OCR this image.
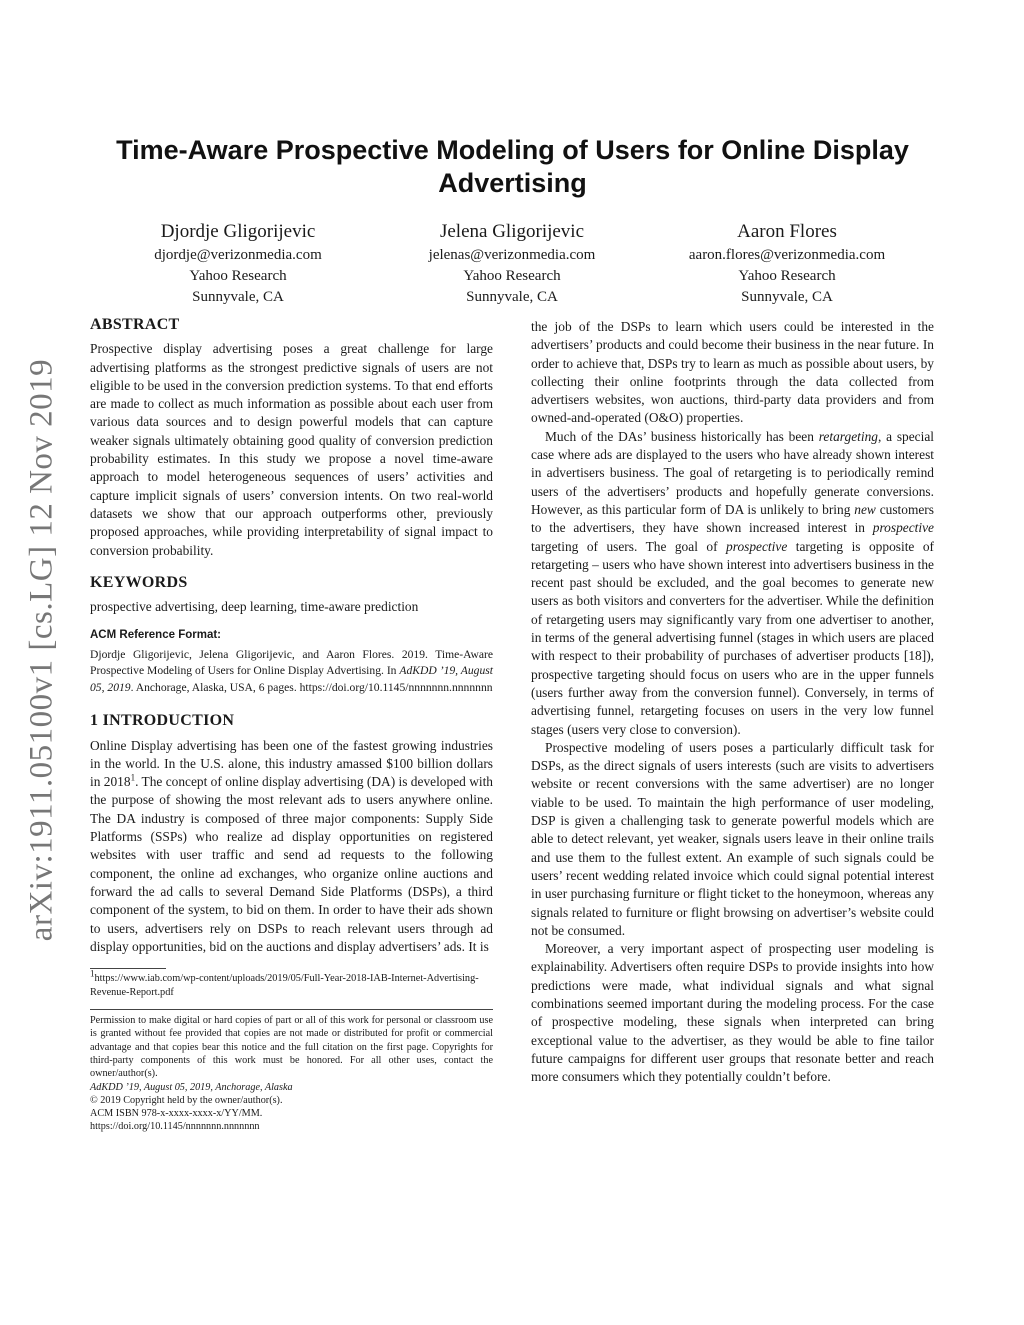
arXiv:1911.05100v1 [cs.LG] 12 Nov 2019
Time-Aware Prospective Modeling of Users for Online Display
Advertising
Djordje Gligorijevic
djordje@verizonmedia.com
Yahoo Research
Sunnyvale, CA
Jelena Gligorijevic
jelenas@verizonmedia.com
Yahoo Research
Sunnyvale, CA
Aaron Flores
aaron.flores@verizonmedia.com
Yahoo Research
Sunnyvale, CA
ABSTRACT

Prospective display advertising poses a great challenge for large advertising platforms as the strongest predictive signals of users are not eligible to be used in the conversion prediction systems. To that end efforts are made to collect as much information as possible about each user from various data sources and to design powerful models that can capture weaker signals ultimately obtaining good quality of conversion prediction probability estimates. In this study we propose a novel time-aware approach to model heterogeneous sequences of users’ activities and capture implicit signals of users’ conversion intents. On two real-world datasets we show that our approach outperforms other, previously proposed approaches, while providing interpretability of signal impact to conversion probability.

KEYWORDS

prospective advertising, deep learning, time-aware prediction

ACM Reference Format:

Djordje Gligorijevic, Jelena Gligorijevic, and Aaron Flores. 2019. Time-Aware Prospective Modeling of Users for Online Display Advertising. In AdKDD ’19, August 05, 2019. Anchorage, Alaska, USA, 6 pages. https://doi.org/10.1145/nnnnnnn.nnnnnnn

1 INTRODUCTION

Online Display advertising has been one of the fastest growing industries in the world. In the U.S. alone, this industry amassed $100 billion dollars in 2018$^1$. The concept of online display advertising (DA) is developed with the purpose of showing the most relevant ads to users anywhere online. The DA industry is composed of three major components: Supply Side Platforms (SSPs) who realize ad display opportunities on registered websites with user traffic and send ad requests to the following component, the online ad exchanges, who organize online auctions and forward the ad calls to several Demand Side Platforms (DSPs), a third component of the system, to bid on them. In order to have their ads shown to users, advertisers rely on DSPs to reach relevant users through ad display opportunities, bid on the auctions and display advertisers’ ads. It is

$^1$https://www.iab.com/wp-content/uploads/2019/05/Full-Year-2018-IAB-Internet-Advertising-Revenue-Report.pdf

Permission to make digital or hard copies of part or all of this work for personal or classroom use is granted without fee provided that copies are not made or distributed for profit or commercial advantage and that copies bear this notice and the full citation on the first page. Copyrights for third-party components of this work must be honored. For all other uses, contact the owner/author(s).

AdKDD ’19, August 05, 2019, Anchorage, Alaska

© 2019 Copyright held by the owner/author(s).

ACM ISBN 978-x-xxxx-xxxx-x/YY/MM.

https://doi.org/10.1145/nnnnnnn.nnnnnnn

the job of the DSPs to learn which users could be interested in the advertisers’ products and could become their business in the near future. In order to achieve that, DSPs try to learn as much as possible about users, by collecting their online footprints through the data collected from advertisers websites, won auctions, third-party data providers and from owned-and-operated (O&O) properties.

Much of the DAs’ business historically has been retargeting, a special case where ads are displayed to the users who have already shown interest in advertisers business. The goal of retargeting is to periodically remind users of the advertisers’ products and hopefully generate conversions. However, as this particular form of DA is unlikely to bring new customers to the advertisers, they have shown increased interest in prospective targeting of users. The goal of prospective targeting is opposite of retargeting – users who have shown interest into advertisers business in the recent past should be excluded, and the goal becomes to generate new users as both visitors and converters for the advertiser. While the definition of retargeting users may significantly vary from one advertiser to another, in terms of the general advertising funnel (stages in which users are placed with respect to their probability of purchases of advertiser products [18]), prospective targeting should focus on users who are in the upper funnels (users further away from the conversion funnel). Conversely, in terms of advertising funnel, retargeting focuses on users in the very low funnel stages (users very close to conversion).

Prospective modeling of users poses a particularly difficult task for DSPs, as the direct signals of users interests (such are visits to advertisers website or recent conversions with the same advertiser) are no longer viable to be used. To maintain the high performance of user modeling, DSP is given a challenging task to generate powerful models which are able to detect relevant, yet weaker, signals users leave in their online trails and use them to the fullest extent. An example of such signals could be users’ recent wedding related invoice which could signal potential interest in user purchasing furniture or flight ticket to the honeymoon, whereas any signals related to furniture or flight browsing on advertiser’s website could not be consumed.

Moreover, a very important aspect of prospecting user modeling is explainability. Advertisers often require DSPs to provide insights into how predictions were made, what individual signals and what signal combinations seemed important during the modeling process. For the case of prospective modeling, these signals when interpreted can bring exceptional value to the advertiser, as they would be able to fine tailor future campaigns for different user groups that resonate better and reach more consumers which they potentially couldn’t before.
